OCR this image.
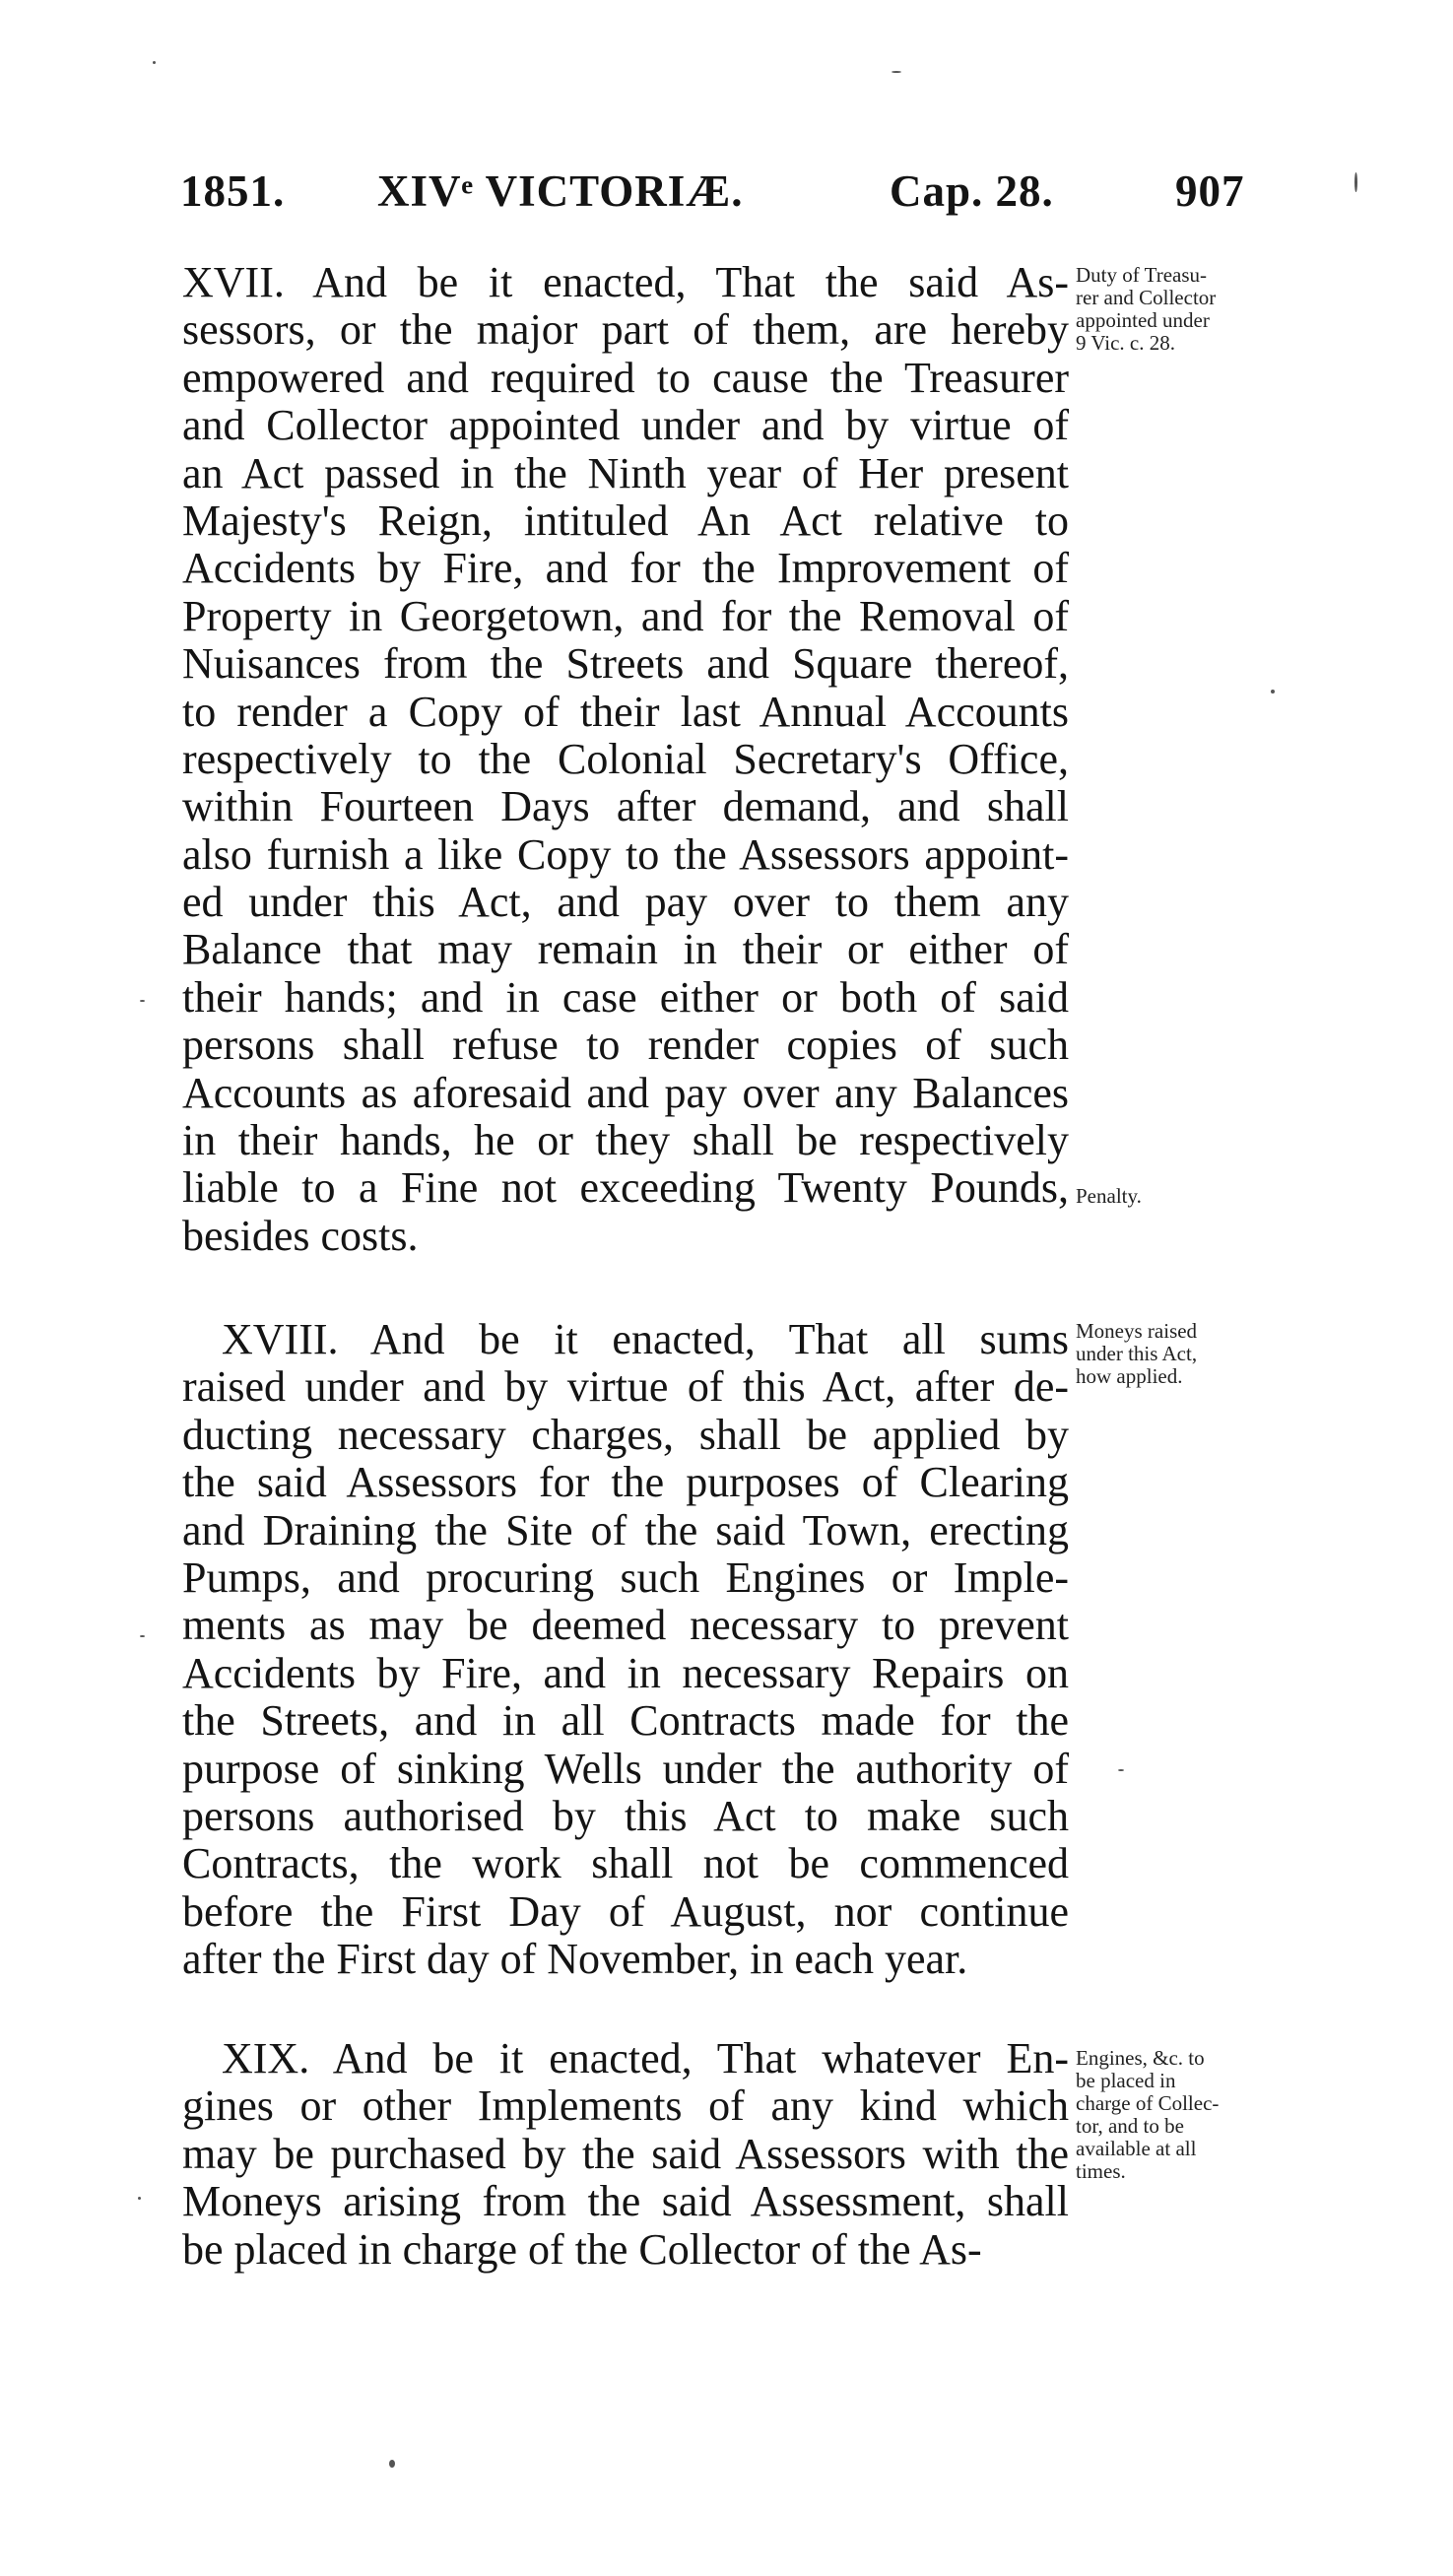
1851. XIVᵉ VICTORIÆ.	Cap. 28.	907
XVII. And be it enacted, That the said As-
sessors, or the major part of them, are hereby
empowered and required to cause the Treasurer
and Collector appointed under and by virtue of
an Act passed in the Ninth year of Her present
Majesty's Reign, intituled An Act relative to
Accidents by Fire, and for the Improvement of
Property in Georgetown, and for the Removal of
Nuisances from the Streets and Square thereof,
to render a Copy of their last Annual Accounts
respectively to the Colonial Secretary's Office,
within Fourteen Days after demand, and shall
also furnish a like Copy to the Assessors appoint-
ed under this Act, and pay over to them any
Balance that may remain in their or either of
their hands; and in case either or both of said
persons shall refuse to render copies of such
Accounts as aforesaid and pay over any Balances
in their hands, he or they shall be respectively
liable to a Fine not exceeding Twenty Pounds,
besides costs.
Duty of Treasu-
rer and Collector
appointed under
9 Vic. c. 28.
Penalty.
XVIII. And be it enacted, That all sums
raised under and by virtue of this Act, after de-
ducting necessary charges, shall be applied by
the said Assessors for the purposes of Clearing
and Draining the Site of the said Town, erecting
Pumps, and procuring such Engines or Imple-
ments as may be deemed necessary to prevent
Accidents by Fire, and in necessary Repairs on
the Streets, and in all Contracts made for the
purpose of sinking Wells under the authority of
persons authorised by this Act to make such
Contracts, the work shall not be commenced
before the First Day of August, nor continue
after the First day of November, in each year.
Moneys raised
under this Act,
how applied.
XIX. And be it enacted, That whatever En-
gines or other Implements of any kind which
may be purchased by the said Assessors with the
Moneys arising from the said Assessment, shall
be placed in charge of the Collector of the As-
Engines, &c. to
be placed in
charge of Collec-
tor, and to be
available at all
times.
